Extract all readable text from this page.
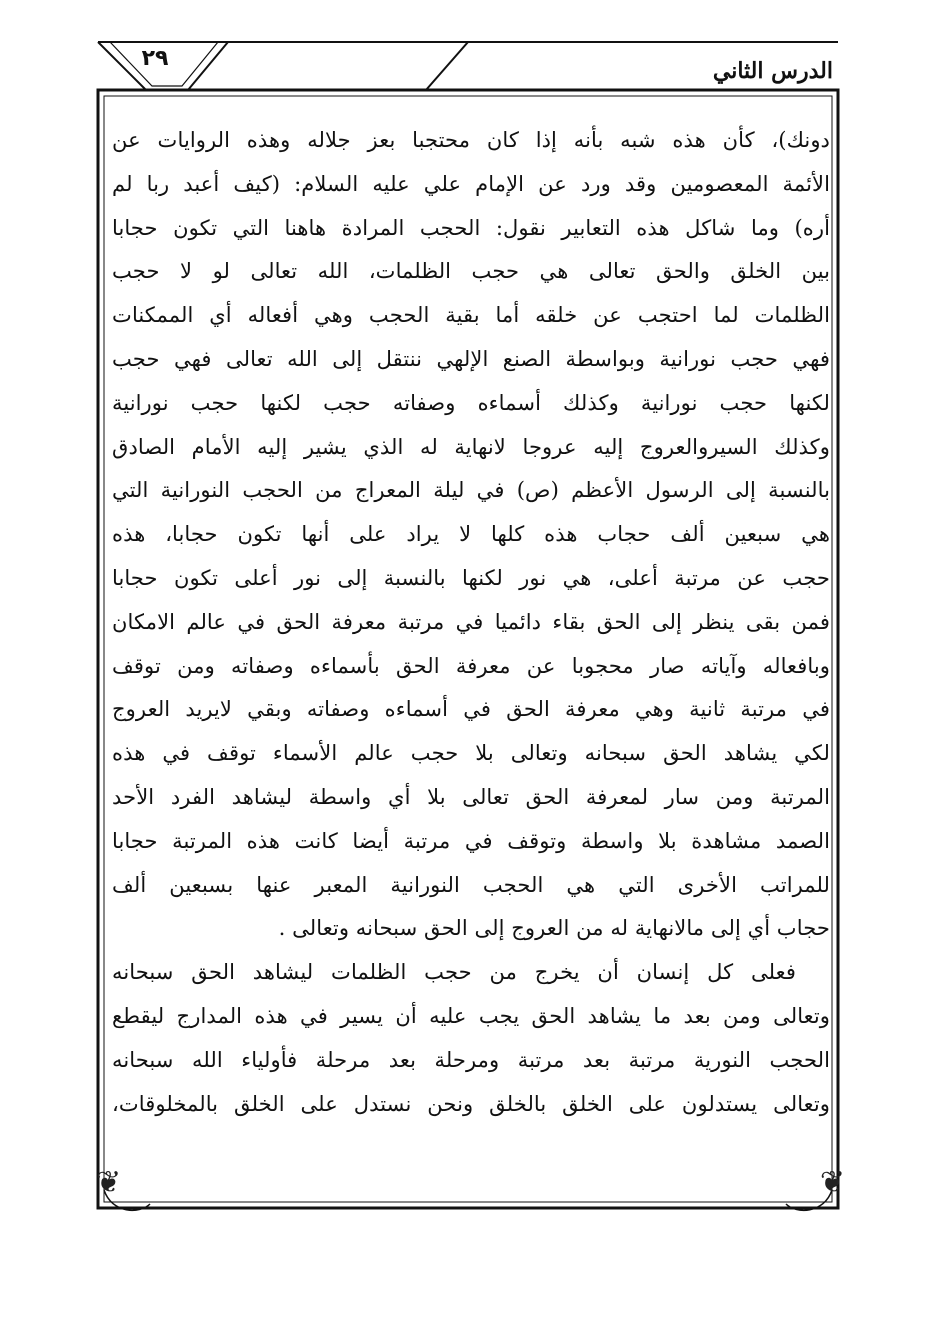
الدرس الثاني
٢٩
دونك)، كأن هذه شبه بأنه إذا كان محتجبا بعز جلاله وهذه الروايات عن
الأئمة المعصومين وقد ورد عن الإمام علي عليه السلام: (كيف أعبد ربا لم
أره) وما شاكل هذه التعابير نقول: الحجب المرادة هاهنا التي تكون حجابا
بين الخلق والحق تعالى هي حجب الظلمات، الله تعالى لو لا حجب
الظلمات لما احتجب عن خلقه أما بقية الحجب وهي أفعاله أي الممكنات
فهي حجب نورانية وبواسطة الصنع الإلهي ننتقل إلى الله تعالى فهي حجب
لكنها حجب نورانية وكذلك أسماءه وصفاته حجب لكنها حجب نورانية
وكذلك السيروالعروج إليه عروجا لانهاية له الذي يشير إليه الأمام الصادق
بالنسبة إلى الرسول الأعظم (ص) في ليلة المعراج من الحجب النورانية التي
هي سبعين ألف حجاب هذه كلها لا يراد على أنها تكون حجابا، هذه
حجب عن مرتبة أعلى، هي نور لكنها بالنسبة إلى نور أعلى تكون حجابا
فمن بقى ينظر إلى الحق بقاء دائميا في مرتبة معرفة الحق في عالم الامكان
وبافعاله وآياته صار محجوبا عن معرفة الحق بأسماءه وصفاته ومن توقف
في مرتبة ثانية وهي معرفة الحق في أسماءه وصفاته وبقي لايريد العروج
لكي يشاهد الحق سبحانه وتعالى بلا حجب عالم الأسماء توقف في هذه
المرتبة ومن سار لمعرفة الحق تعالى بلا أي واسطة ليشاهد الفرد الأحد
الصمد مشاهدة بلا واسطة وتوقف في مرتبة أيضا كانت هذه المرتبة حجابا
للمراتب الأخرى التي هي الحجب النورانية المعبر عنها بسبعين ألف
حجاب أي إلى مالانهاية له من العروج إلى الحق سبحانه وتعالى .
فعلى كل إنسان أن يخرج من حجب الظلمات ليشاهد الحق سبحانه
وتعالى ومن بعد ما يشاهد الحق يجب عليه أن يسير في هذه المدارج ليقطع
الحجب النورية مرتبة بعد مرتبة ومرحلة بعد مرحلة فأولياء الله سبحانه
وتعالى يستدلون على الخلق بالخلق ونحن نستدل على الخلق بالمخلوقات،
❦	❦
